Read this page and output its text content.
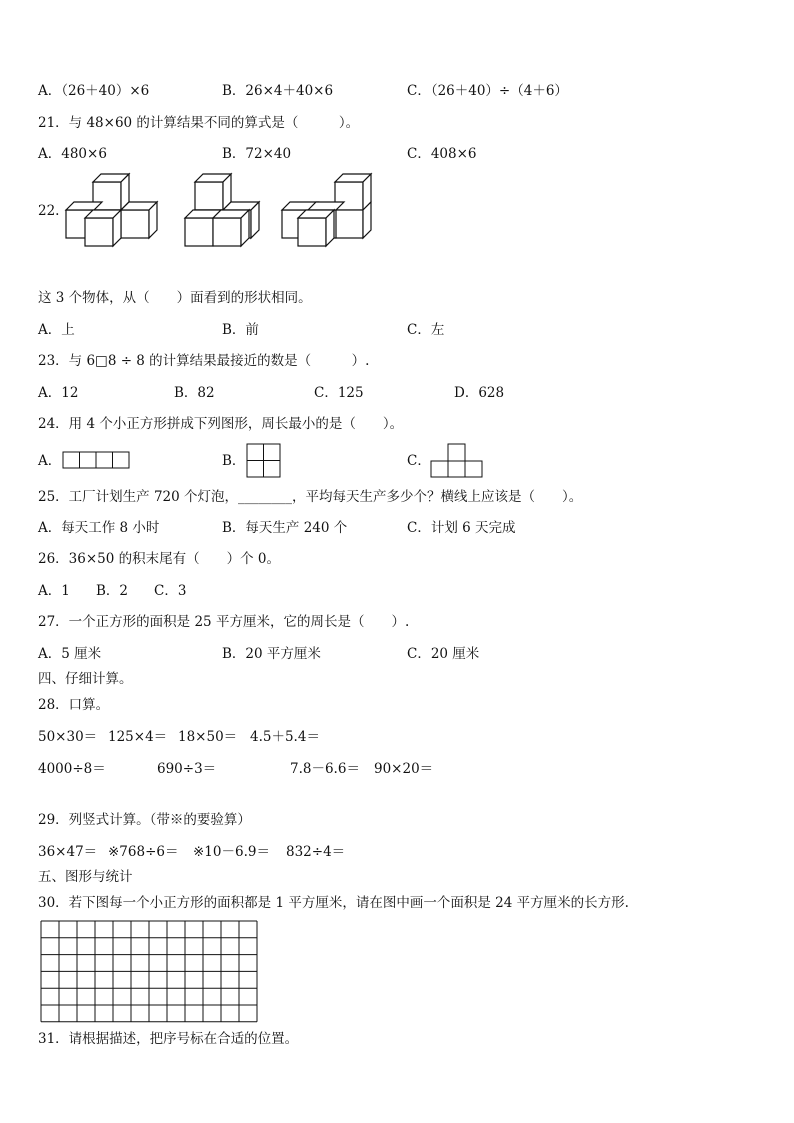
A．（26＋40）×6	B．26×4＋40×6	C．（26＋40）÷（4＋6）
21．与 48×60 的计算结果不同的算式是（　　　）。
A．480×6	B．72×40	C．408×6
22.
这 3 个物体，从（　　）面看到的形状相同。
A．上	B．前	C．左
23．与 6□8 ÷ 8 的计算结果最接近的数是（　　　）.
A．12	B．82	C．125	D．628
24．用 4 个小正方形拼成下列图形，周长最小的是（　　）。
A．	B．	C．
25．工厂计划生产 720 个灯泡，________，平均每天生产多少个？横线上应该是（　　）。
A．每天工作 8 小时	B．每天生产 240 个	C．计划 6 天完成
26．36×50 的积末尾有（　　）个 0。
A．1 B．2 C．3
27．一个正方形的面积是 25 平方厘米，它的周长是（　　）.
A．5 厘米	B．20 平方厘米	C．20 厘米
四、仔细计算。
28．口算。
50×30＝ 125×4＝ 18×50＝ 4.5＋5.4＝
4000÷8＝	690÷3＝	7.8－6.6＝ 90×20＝
29．列竖式计算。（带※的要验算）
36×47＝ ※768÷6＝ ※10－6.9＝ 832÷4＝
五、图形与统计
30．若下图每一个小正方形的面积都是 1 平方厘米，请在图中画一个面积是 24 平方厘米的长方形.
31．请根据描述，把序号标在合适的位置。
